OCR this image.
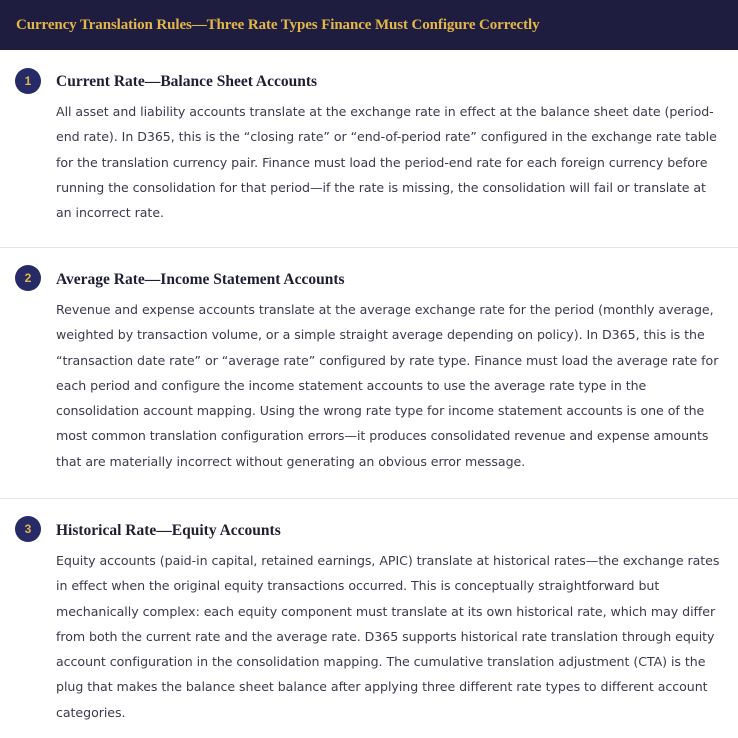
Currency Translation Rules—Three Rate Types Finance Must Configure Correctly
1	Current Rate—Balance Sheet Accounts

All asset and liability accounts translate at the exchange rate in effect at the balance sheet date (period-end rate). In D365, this is the “closing rate” or “end-of-period rate” configured in the exchange rate table for the translation currency pair. Finance must load the period-end rate for each foreign currency before running the consolidation for that period—if the rate is missing, the consolidation will fail or translate at an incorrect rate.

2	Average Rate—Income Statement Accounts

Revenue and expense accounts translate at the average exchange rate for the period (monthly average, weighted by transaction volume, or a simple straight average depending on policy). In D365, this is the “transaction date rate” or “average rate” configured by rate type. Finance must load the average rate for each period and configure the income statement accounts to use the average rate type in the consolidation account mapping. Using the wrong rate type for income statement accounts is one of the most common translation configuration errors—it produces consolidated revenue and expense amounts that are materially incorrect without generating an obvious error message.

3	Historical Rate—Equity Accounts

Equity accounts (paid-in capital, retained earnings, APIC) translate at historical rates—the exchange rates in effect when the original equity transactions occurred. This is conceptually straightforward but mechanically complex: each equity component must translate at its own historical rate, which may differ from both the current rate and the average rate. D365 supports historical rate translation through equity account configuration in the consolidation mapping. The cumulative translation adjustment (CTA) is the plug that makes the balance sheet balance after applying three different rate types to different account categories.
